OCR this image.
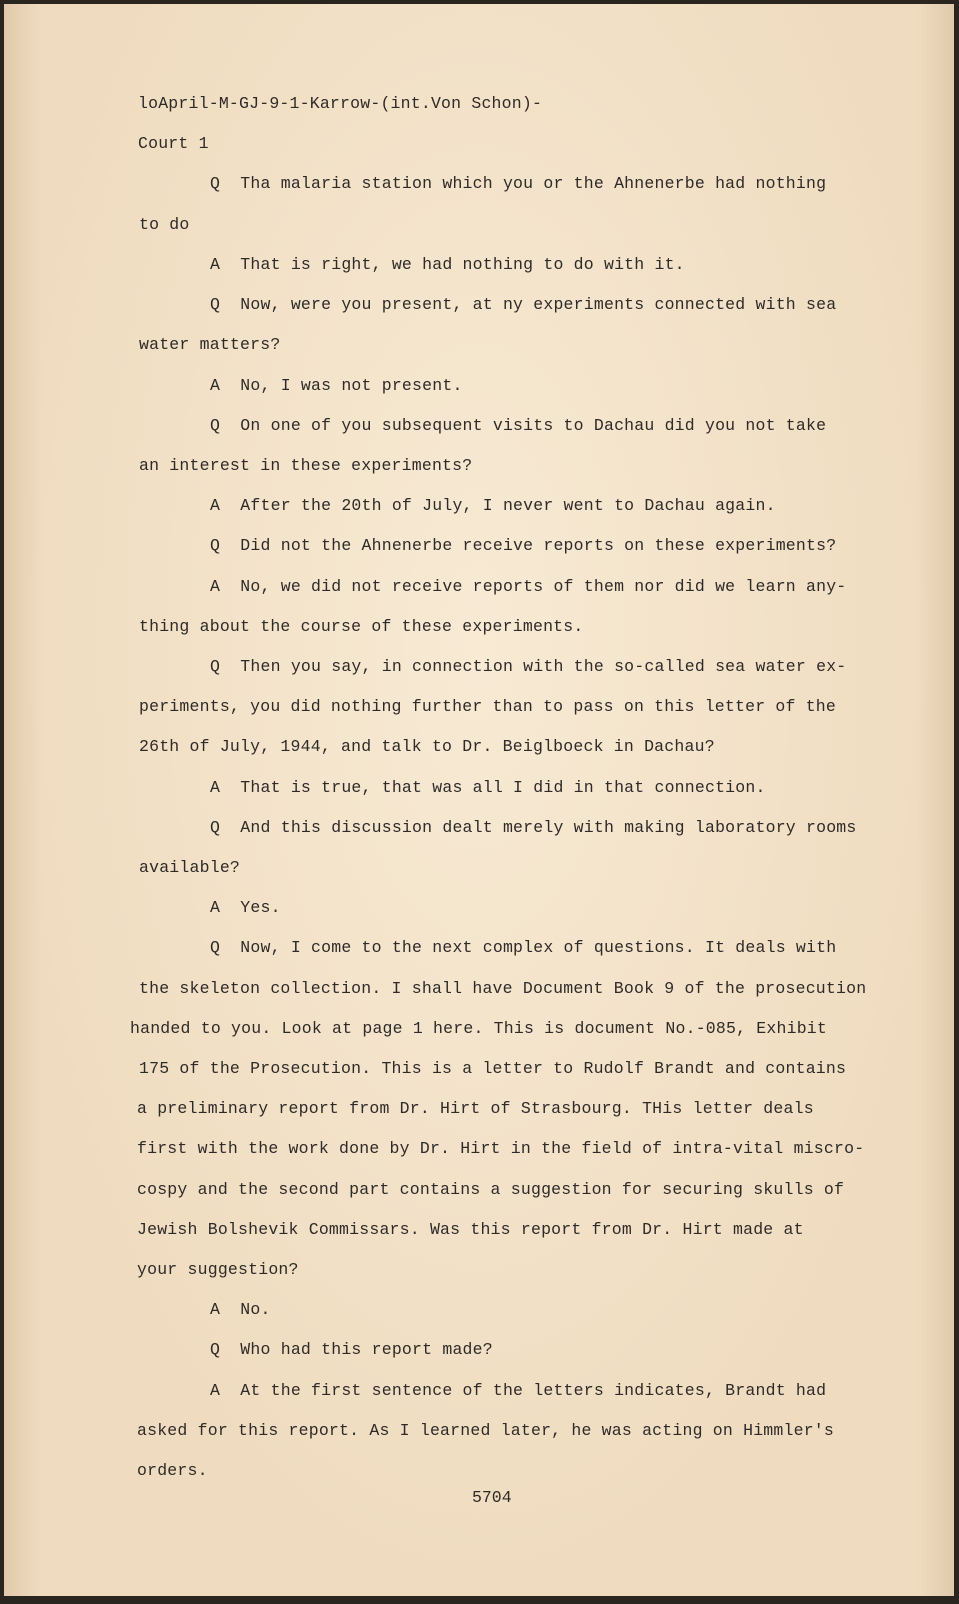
loApril-M-GJ-9-1-Karrow-(int.Von Schon)-
Court 1
Q  Tha malaria station which you or the Ahnenerbe had nothing
to do
A  That is right, we had nothing to do with it.
Q  Now, were you present, at ny experiments connected with sea
water matters?
A  No, I was not present.
Q  On one of you subsequent visits to Dachau did you not take
an interest in these experiments?
A  After the 20th of July, I never went to Dachau again.
Q  Did not the Ahnenerbe receive reports on these experiments?
A  No, we did not receive reports of them nor did we learn any-
thing about the course of these experiments.
Q  Then you say, in connection with the so-called sea water ex-
periments, you did nothing further than to pass on this letter of the
26th of July, 1944, and talk to Dr. Beiglboeck in Dachau?
A  That is true, that was all I did in that connection.
Q  And this discussion dealt merely with making laboratory rooms
available?
A  Yes.
Q  Now, I come to the next complex of questions. It deals with
the skeleton collection. I shall have Document Book 9 of the prosecution
handed to you. Look at page 1 here. This is document No.-085, Exhibit
175 of the Prosecution. This is a letter to Rudolf Brandt and contains
a preliminary report from Dr. Hirt of Strasbourg. THis letter deals
first with the work done by Dr. Hirt in the field of intra-vital miscro-
cospy and the second part contains a suggestion for securing skulls of
Jewish Bolshevik Commissars. Was this report from Dr. Hirt made at
your suggestion?
A  No.
Q  Who had this report made?
A  At the first sentence of the letters indicates, Brandt had
asked for this report. As I learned later, he was acting on Himmler's
orders.
5704
